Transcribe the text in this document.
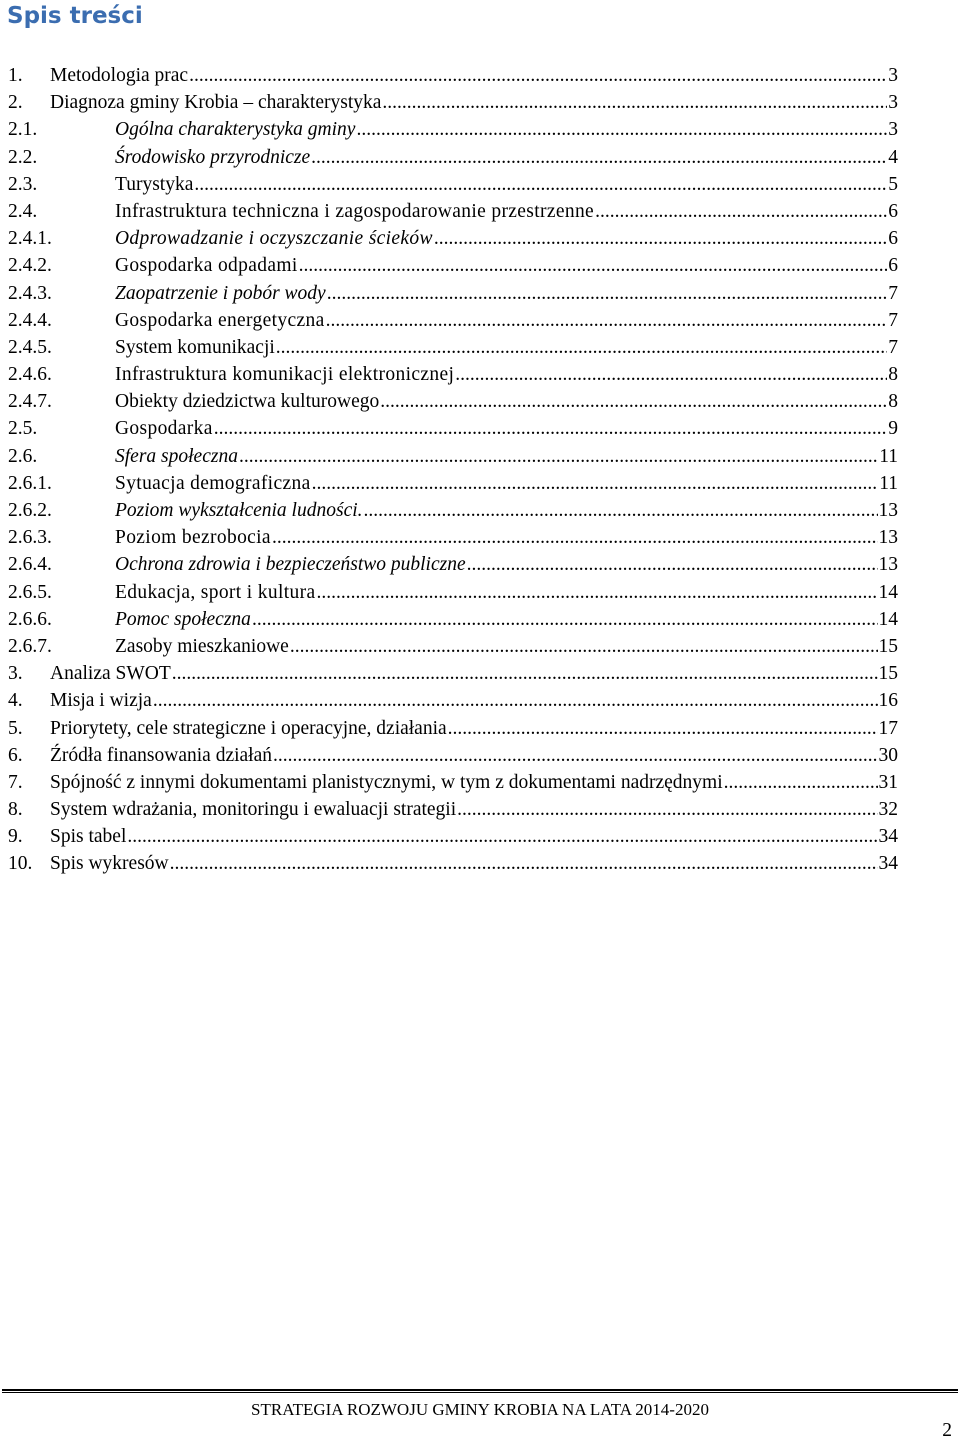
Spis treści
1.	Metodologia prac .....	3
2.	Diagnoza gminy Krobia – charakterystyka .....	3
2.1.	Ogólna charakterystyka gminy .....	3
2.2.	Środowisko przyrodnicze .....	4
2.3.	Turystyka .....	5
2.4.	Infrastruktura techniczna i zagospodarowanie przestrzenne .....	6
2.4.1.	Odprowadzanie i oczyszczanie ścieków .....	6
2.4.2.	Gospodarka odpadami .....	6
2.4.3.	Zaopatrzenie i pobór wody .....	7
2.4.4.	Gospodarka energetyczna .....	7
2.4.5.	System komunikacji .....	7
2.4.6.	Infrastruktura komunikacji elektronicznej .....	8
2.4.7.	Obiekty dziedzictwa kulturowego .....	8
2.5.	Gospodarka .....	9
2.6.	Sfera społeczna .....	11
2.6.1.	Sytuacja demograficzna .....	11
2.6.2.	Poziom wykształcenia ludności. .....	13
2.6.3.	Poziom bezrobocia .....	13
2.6.4.	Ochrona zdrowia i bezpieczeństwo publiczne .....	13
2.6.5.	Edukacja, sport i kultura .....	14
2.6.6.	Pomoc społeczna .....	14
2.6.7.	Zasoby mieszkaniowe .....	15
3.	Analiza SWOT .....	15
4.	Misja i wizja .....	16
5.	Priorytety, cele strategiczne i operacyjne, działania .....	17
6.	Źródła finansowania działań .....	30
7.	Spójność z innymi dokumentami planistycznymi, w tym z dokumentami nadrzędnymi .....	31
8.	System wdrażania, monitoringu i ewaluacji strategii .....	32
9.	Spis tabel .....	34
10. Spis wykresów .....	34
STRATEGIA ROZWOJU GMINY KROBIA NA LATA 2014-2020
2
